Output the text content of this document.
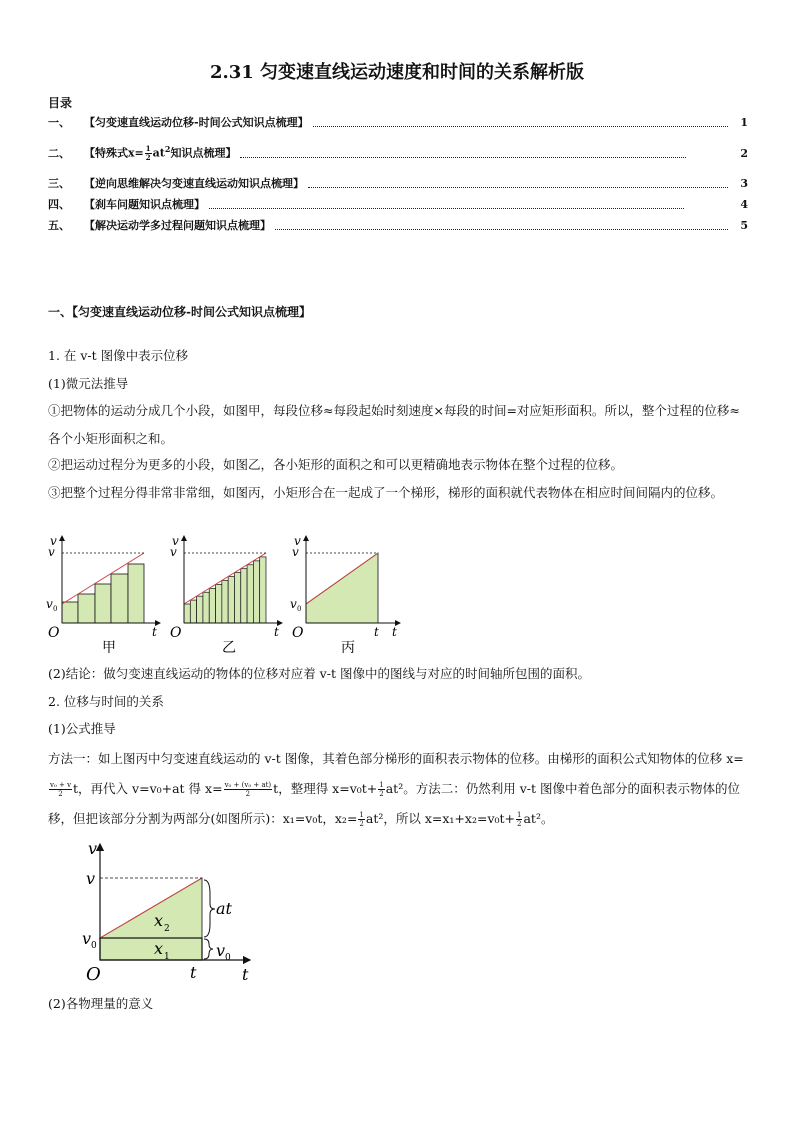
2.31 匀变速直线运动速度和时间的关系解析版
目录
一、	【匀变速直线运动位移-时间公式知识点梳理】	1
二、	【特殊式$x= \frac{1}{2} at^2$知识点梳理】	2
三、	【逆向思维解决匀变速直线运动知识点梳理】	3
四、	【刹车问题知识点梳理】	4
五、	【解决运动学多过程问题知识点梳理】	5
一、【匀变速直线运动位移-时间公式知识点梳理】
1. 在 v-t 图像中表示位移
(1)微元法推导
①把物体的运动分成几个小段，如图甲，每段位移≈每段起始时刻速度×每段的时间=对应矩形面积。所以，整个过程的位移≈各个小矩形面积之和。
②把运动过程分为更多的小段，如图乙，各小矩形的面积之和可以更精确地表示物体在整个过程的位移。
③把整个过程分得非常非常细，如图丙，小矩形合在一起成了一个梯形，梯形的面积就代表物体在相应时间间隔内的位移。
v
v
v 0
O	t
甲
v
v
O	t
乙
v
v
v 0
O	t t
丙
(2)结论：做匀变速直线运动的物体的位移对应着 v-t 图像中的图线与对应的时间轴所包围的面积。
2. 位移与时间的关系
(1)公式推导
方法一：如上图丙中匀变速直线运动的 v-t 图像，其着色部分梯形的面积表示物体的位移。由梯形的面积公式知物体的位移 x=
$\frac{\text{v₀ + v}}{2}$ t，再代入 v=v₀+at 得 $x= \frac{\text{v₀ + (v₀ + at)}}{2}$ t，整理得 $x=v_0t+ \frac{1}{2} at^2$。方法二：仍然利用 v-t 图像中着色部分的面积表示物体的位移，但把该部分分割为两部分(如图所示)：x₁=v₀t，$x_2= \frac{1}{2} at^2$，所以 $x=x_1+x_2=v_0t+ \frac{1}{2} at^2$。
v
v
v 0
O	t	t
x 2
x 1
at
v 0
(2)各物理量的意义
